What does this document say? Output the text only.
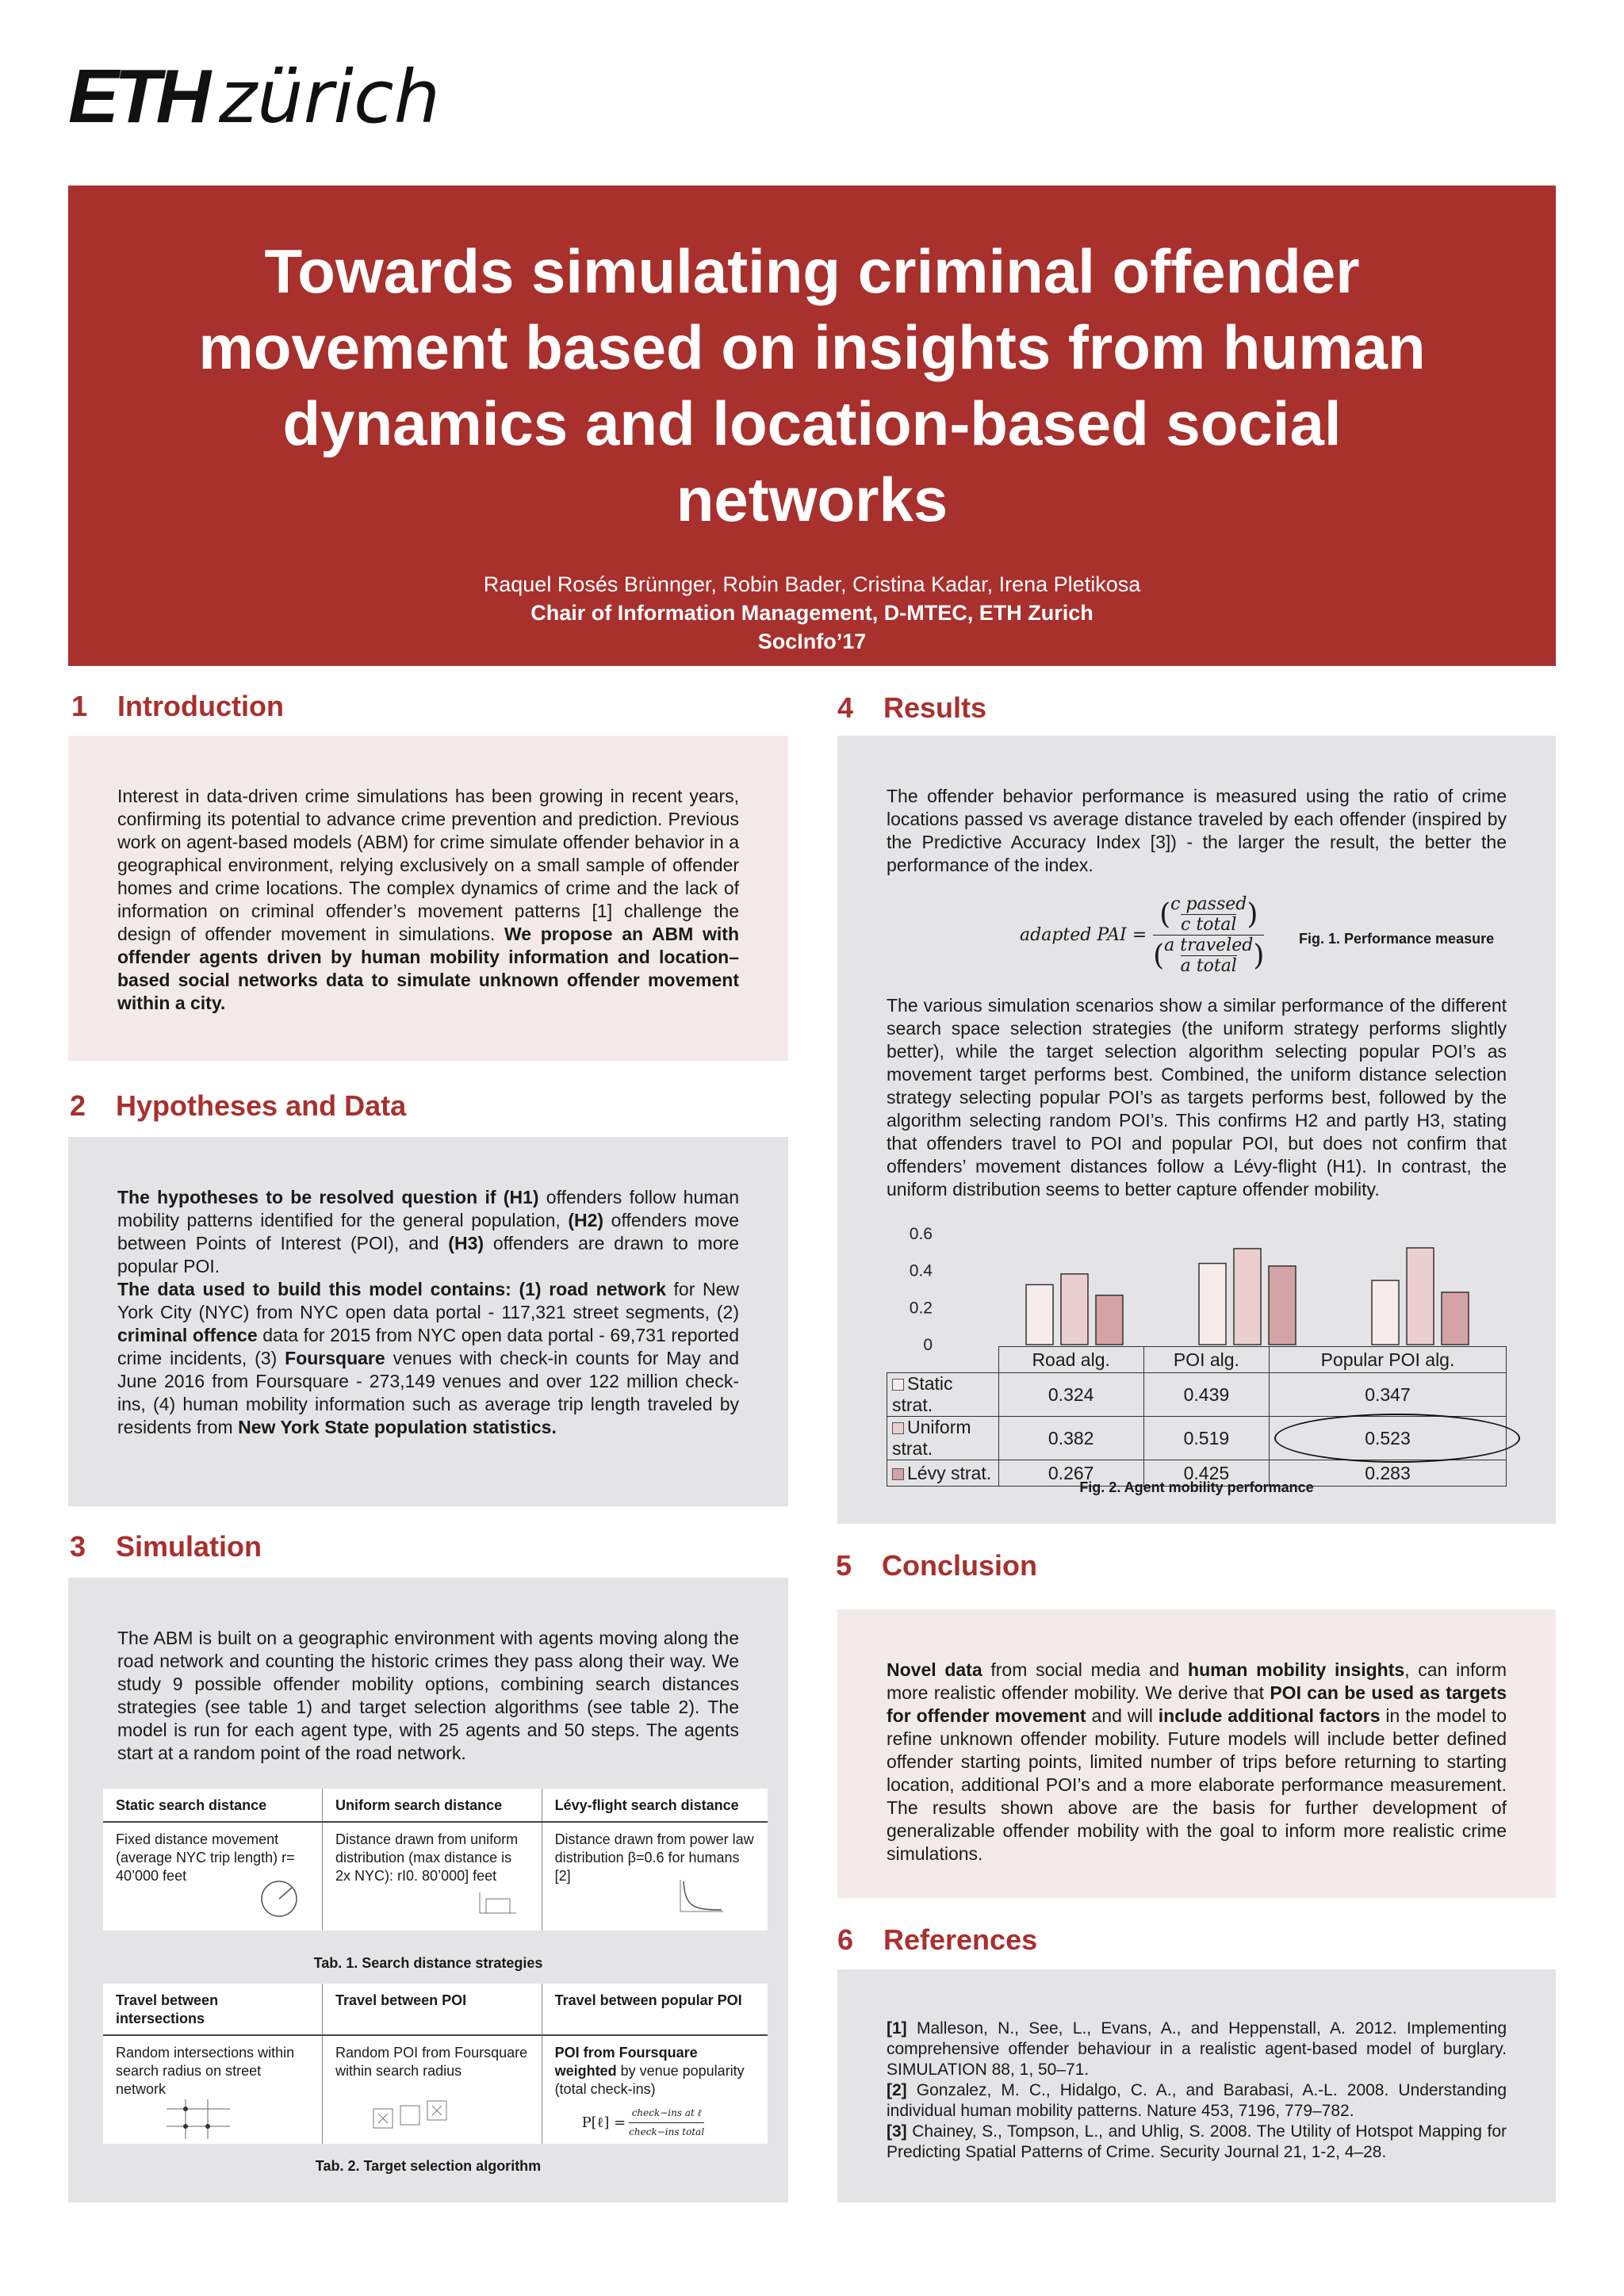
ETH zürich
Towards simulating criminal offender movement based on insights from human dynamics and location-based social networks
Raquel Rosés Brünnger, Robin Bader, Cristina Kadar, Irena Pletikosa
Chair of Information Management, D-MTEC, ETH Zurich
SocInfo’17
1 Introduction

Interest in data-driven crime simulations has been growing in recent years, confirming its potential to advance crime prevention and prediction. Previous work on agent-based models (ABM) for crime simulate offender behavior in a geographical environment, relying exclusively on a small sample of offender homes and crime locations. The complex dynamics of crime and the lack of information on criminal offender’s movement patterns [1] challenge the design of offender movement in simulations. We propose an ABM with offender agents driven by human mobility information and location–based social networks data to simulate unknown offender movement within a city.

2 Hypotheses and Data

The hypotheses to be resolved question if (H1) offenders follow human mobility patterns identified for the general population, (H2) offenders move between Points of Interest (POI), and (H3) offenders are drawn to more popular POI.

The data used to build this model contains: (1) road network for New York City (NYC) from NYC open data portal - 117,321 street segments, (2) criminal offence data for 2015 from NYC open data portal - 69,731 reported crime incidents, (3) Foursquare venues with check-in counts for May and June 2016 from Foursquare - 273,149 venues and over 122 million check-ins, (4) human mobility information such as average trip length traveled by residents from New York State population statistics.

3 Simulation

The ABM is built on a geographic environment with agents moving along the road network and counting the historic crimes they pass along their way. We study 9 possible offender mobility options, combining search distances strategies (see table 1) and target selection algorithms (see table 2). The model is run for each agent type, with 25 agents and 50 steps. The agents start at a random point of the road network.

Static search distance	Uniform search distance	Lévy-flight search distance

Fixed distance movement (average NYC trip length) r= 40’000 feet	Distance drawn from uniform distribution (max distance is 2x NYC): rI0. 80’000] feet	Distance drawn from power law distribution β=0.6 for humans [2]
Tab. 1. Search distance strategies
Travel between intersections	Travel between POI	Travel between popular POI

Random intersections within search radius on street network	Random POI from Foursquare within search radius	POI from Foursquare weighted by venue popularity (total check-ins)
P[ℓ] =
check−ins at ℓ
check−ins total
Tab. 2. Target selection algorithm
4 Results

The offender behavior performance is measured using the ratio of crime locations passed vs average distance traveled by each offender (inspired by the Predictive Accuracy Index [3]) - the larger the result, the better the performance of the index.

adapted PAI =
( c passed
c total )
( a traveled
a total )
Fig. 1. Performance measure

The various simulation scenarios show a similar performance of the different search space selection strategies (the uniform strategy performs slightly better), while the target selection algorithm selecting popular POI’s as movement target performs best. Combined, the uniform distance selection strategy selecting popular POI’s as targets performs best, followed by the algorithm selecting random POI’s. This confirms H2 and partly H3, stating that offenders travel to POI and popular POI, but does not confirm that offenders’ movement distances follow a Lévy-flight (H1). In contrast, the uniform distribution seems to better capture offender mobility.

0.6
0.4
0.2
0
	Road alg.	POI alg.	Popular POI alg.
Static strat.	0.324	0.439	0.347
Uniform strat.	0.382	0.519	0.523

Lévy strat.	0.267	0.425	0.283
Fig. 2. Agent mobility performance
5 Conclusion

Novel data from social media and human mobility insights, can inform more realistic offender mobility. We derive that POI can be used as targets for offender movement and will include additional factors in the model to refine unknown offender mobility. Future models will include better defined offender starting points, limited number of trips before returning to starting location, additional POI’s and a more elaborate performance measurement. The results shown above are the basis for further development of generalizable offender mobility with the goal to inform more realistic crime simulations.

6 References

[1] Malleson, N., See, L., Evans, A., and Heppenstall, A. 2012. Implementing comprehensive offender behaviour in a realistic agent-based model of burglary. SIMULATION 88, 1, 50–71.

[2] Gonzalez, M. C., Hidalgo, C. A., and Barabasi, A.-L. 2008. Understanding individual human mobility patterns. Nature 453, 7196, 779–782.

[3] Chainey, S., Tompson, L., and Uhlig, S. 2008. The Utility of Hotspot Mapping for Predicting Spatial Patterns of Crime. Security Journal 21, 1-2, 4–28.
